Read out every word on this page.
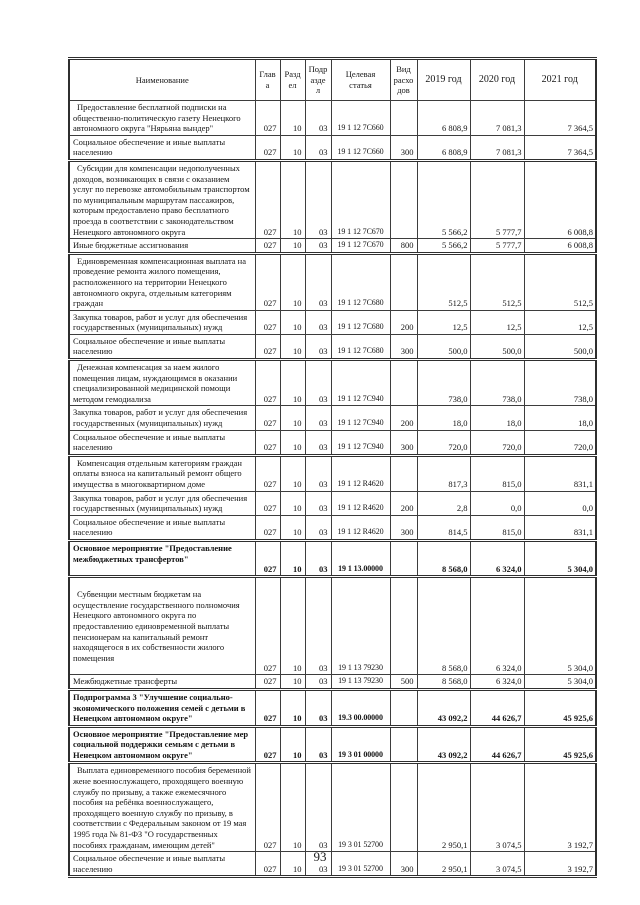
Наименование	Глава	Раздел	Подраздел	Целевая статья	Вид расходов	2019 год	2020 год	2021 год
Предоставление бесплатной подписки на общественно-политическую газету Ненецкого автономного округа "Нярьяна вындер"	027	10	03	19 1 12 7C660		6 808,9	7 081,3	7 364,5
Социальное обеспечение и иные выплаты населению	027	10	03	19 1 12 7C660	300	6 808,9	7 081,3	7 364,5
Субсидии для компенсации недополученных доходов, возникающих в связи с оказанием услуг по перевозке автомобильным транспортом по муниципальным маршрутам пассажиров, которым предоставлено право бесплатного проезда в соответствии с законодательством Ненецкого автономного округа	027	10	03	19 1 12 7C670		5 566,2	5 777,7	6 008,8
Иные бюджетные ассигнования	027	10	03	19 1 12 7C670	800	5 566,2	5 777,7	6 008,8
Единовременная компенсационная выплата на проведение ремонта жилого помещения, расположенного на территории Ненецкого автономного округа, отдельным категориям граждан	027	10	03	19 1 12 7C680		512,5	512,5	512,5
Закупка товаров, работ и услуг для обеспечения государственных (муниципальных) нужд	027	10	03	19 1 12 7C680	200	12,5	12,5	12,5
Социальное обеспечение и иные выплаты населению	027	10	03	19 1 12 7C680	300	500,0	500,0	500,0
Денежная компенсация за наем жилого помещения лицам, нуждающимся в оказании специализированной медицинской помощи методом гемодиализа	027	10	03	19 1 12 7C940		738,0	738,0	738,0
Закупка товаров, работ и услуг для обеспечения государственных (муниципальных) нужд	027	10	03	19 1 12 7C940	200	18,0	18,0	18,0
Социальное обеспечение и иные выплаты населению	027	10	03	19 1 12 7C940	300	720,0	720,0	720,0
Компенсация отдельным категориям граждан оплаты взноса на капитальный ремонт общего имущества в многоквартирном доме	027	10	03	19 1 12 R4620		817,3	815,0	831,1
Закупка товаров, работ и услуг для обеспечения государственных (муниципальных) нужд	027	10	03	19 1 12 R4620	200	2,8	0,0	0,0
Социальное обеспечение и иные выплаты населению	027	10	03	19 1 12 R4620	300	814,5	815,0	831,1
Основное мероприятие "Предоставление межбюджетных трансфертов"	027	10	03	19 1 13.00000		8 568,0	6 324,0	5 304,0
Субвенции местным бюджетам на осуществление государственного полномочия Ненецкого автономного округа по предоставлению единовременной выплаты пенсионерам на капитальный ремонт находящегося в их собственности жилого помещения	027	10	03	19 1 13 79230		8 568,0	6 324,0	5 304,0
Межбюджетные трансферты	027	10	03	19 1 13 79230	500	8 568,0	6 324,0	5 304,0
Подпрограмма 3 "Улучшение социально-экономического положения семей с детьми в Ненецком автономном округе"	027	10	03	19.3 00.00000		43 092,2	44 626,7	45 925,6
Основное мероприятие "Предоставление мер социальной поддержки семьям с детьми в Ненецком автономном округе"	027	10	03	19 3 01 00000		43 092,2	44 626,7	45 925,6
Выплата единовременного пособия беременной жене военнослужащего, проходящего военную службу по призыву, а также ежемесячного пособия на ребёнка военнослужащего, проходящего военную службу по призыву, в соответствии с Федеральным законом от 19 мая 1995 года № 81-ФЗ "О государственных пособиях гражданам, имеющим детей"	027	10	03	19 3 01 52700		2 950,1	3 074,5	3 192,7
Социальное обеспечение и иные выплаты населению	027	10	03	19 3 01 52700	300	2 950,1	3 074,5	3 192,7
93
